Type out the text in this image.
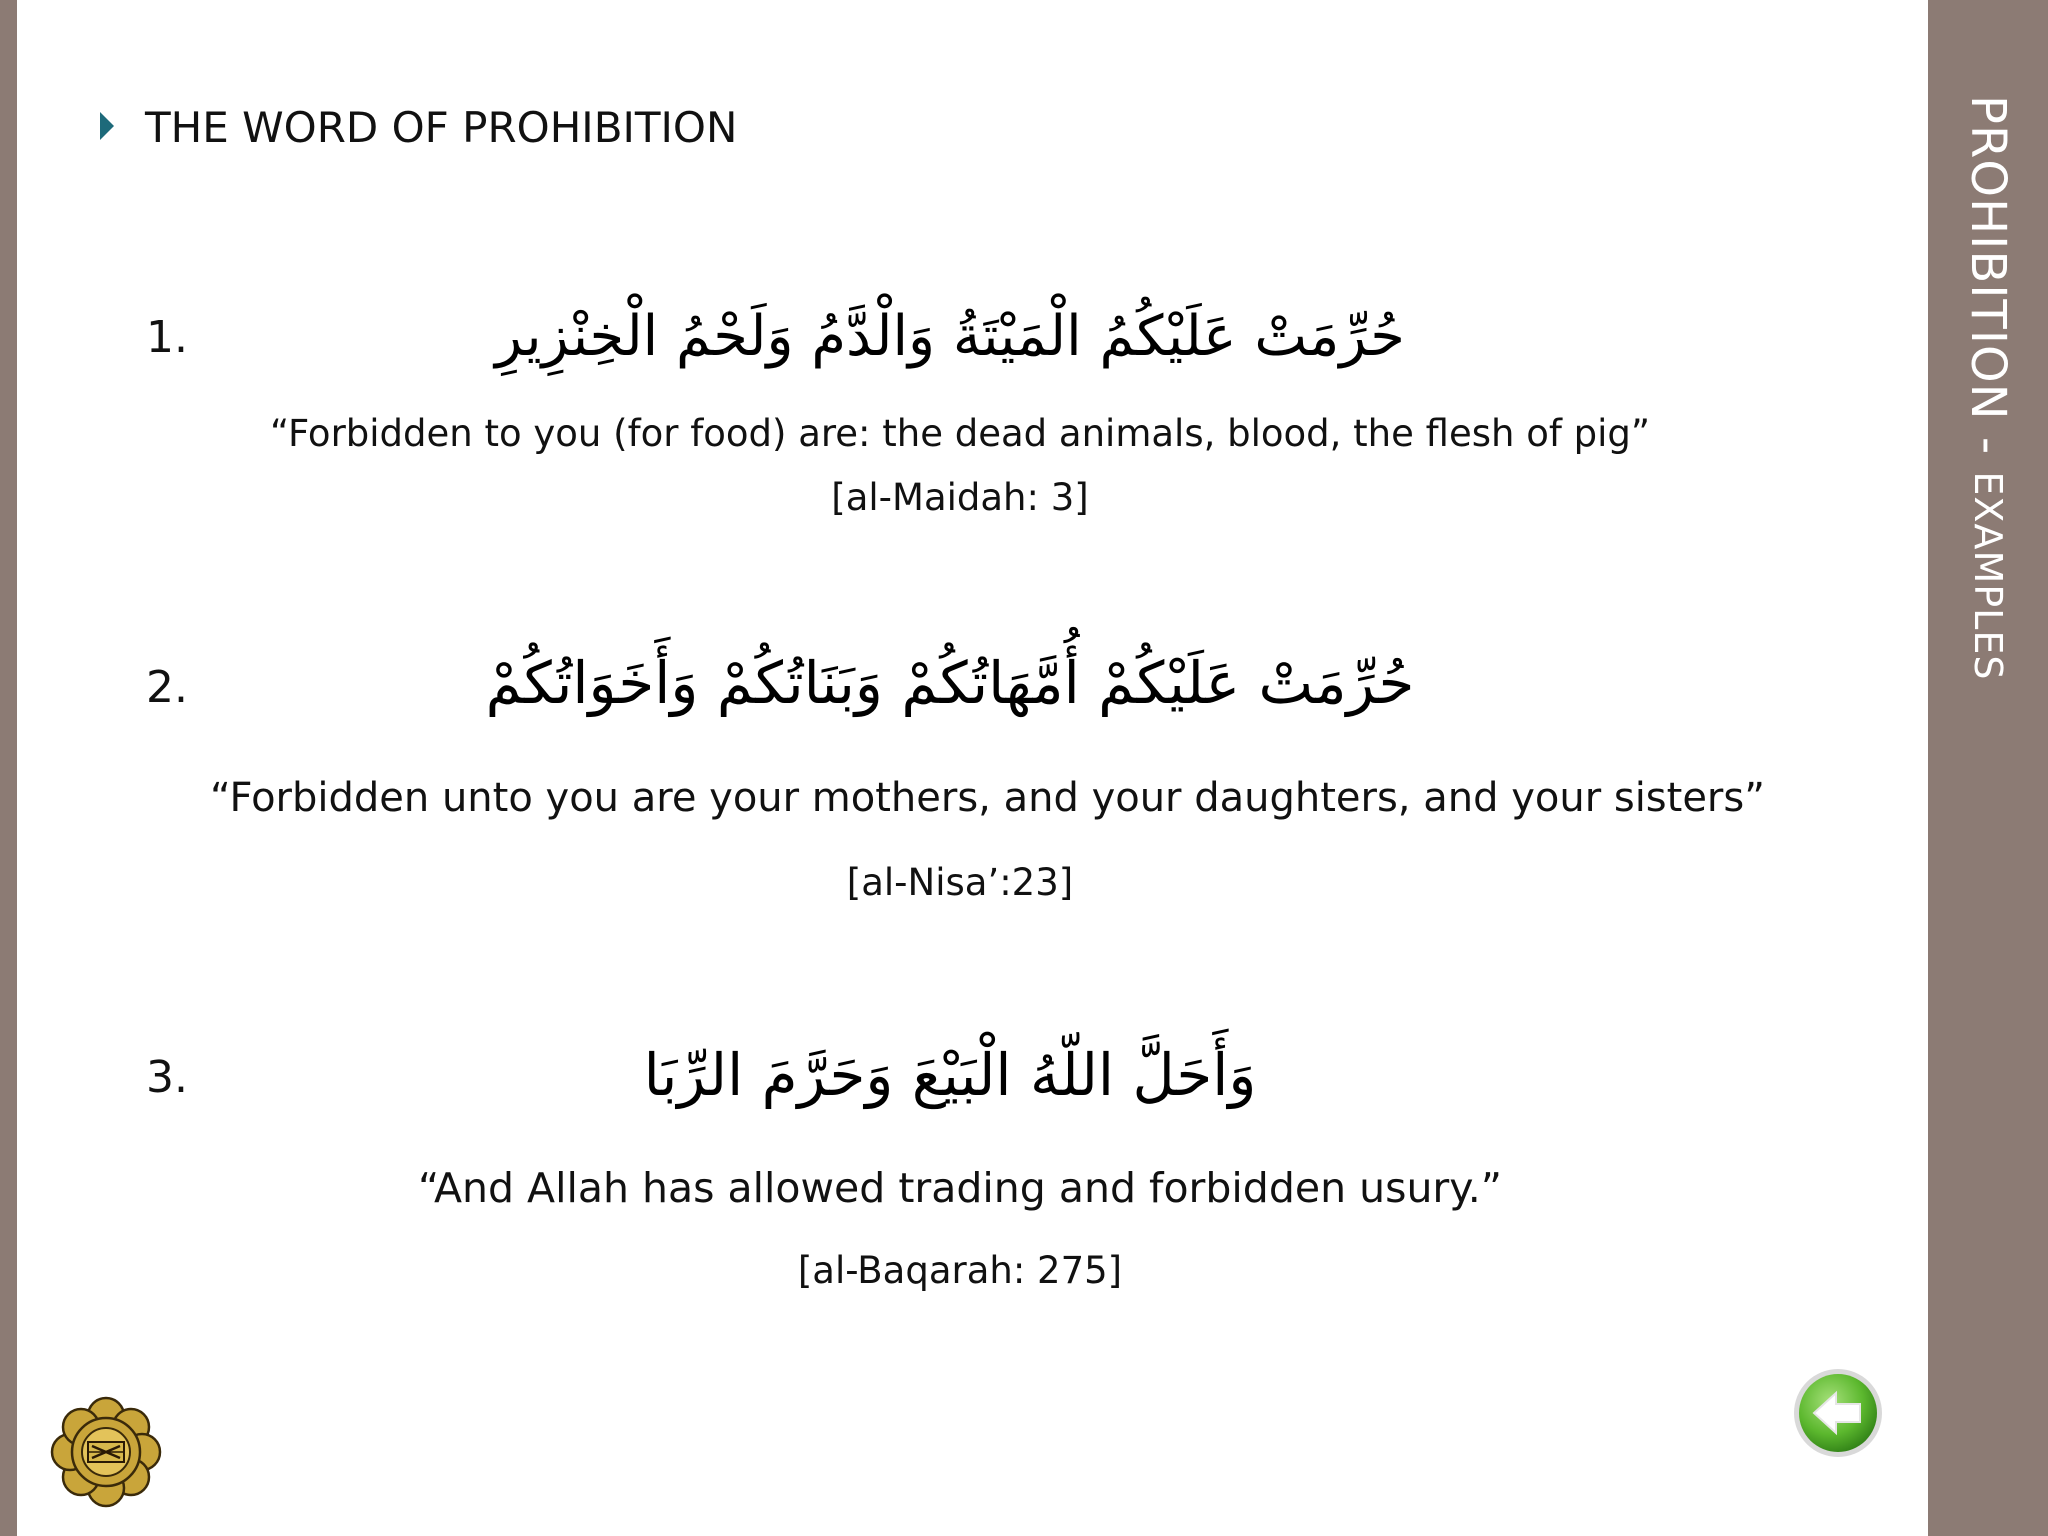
PROHIBITION - EXAMPLES
THE WORD OF PROHIBITION
1.	حُرِّمَتْ عَلَيْكُمُ الْمَيْتَةُ وَالْدَّمُ وَلَحْمُ الْخِنْزِيرِ
“Forbidden to you (for food) are: the dead animals, blood, the flesh of pig”
[al-Maidah: 3]
2.	حُرِّمَتْ عَلَيْكُمْ أُمَّهَاتُكُمْ وَبَنَاتُكُمْ وَأَخَوَاتُكُمْ
“Forbidden unto you are your mothers, and your daughters, and your sisters”
[al-Nisa’:23]
3.	وَأَحَلَّ اللّهُ الْبَيْعَ وَحَرَّمَ الرِّبَا
“And Allah has allowed trading and forbidden usury.”
[al-Baqarah: 275]
